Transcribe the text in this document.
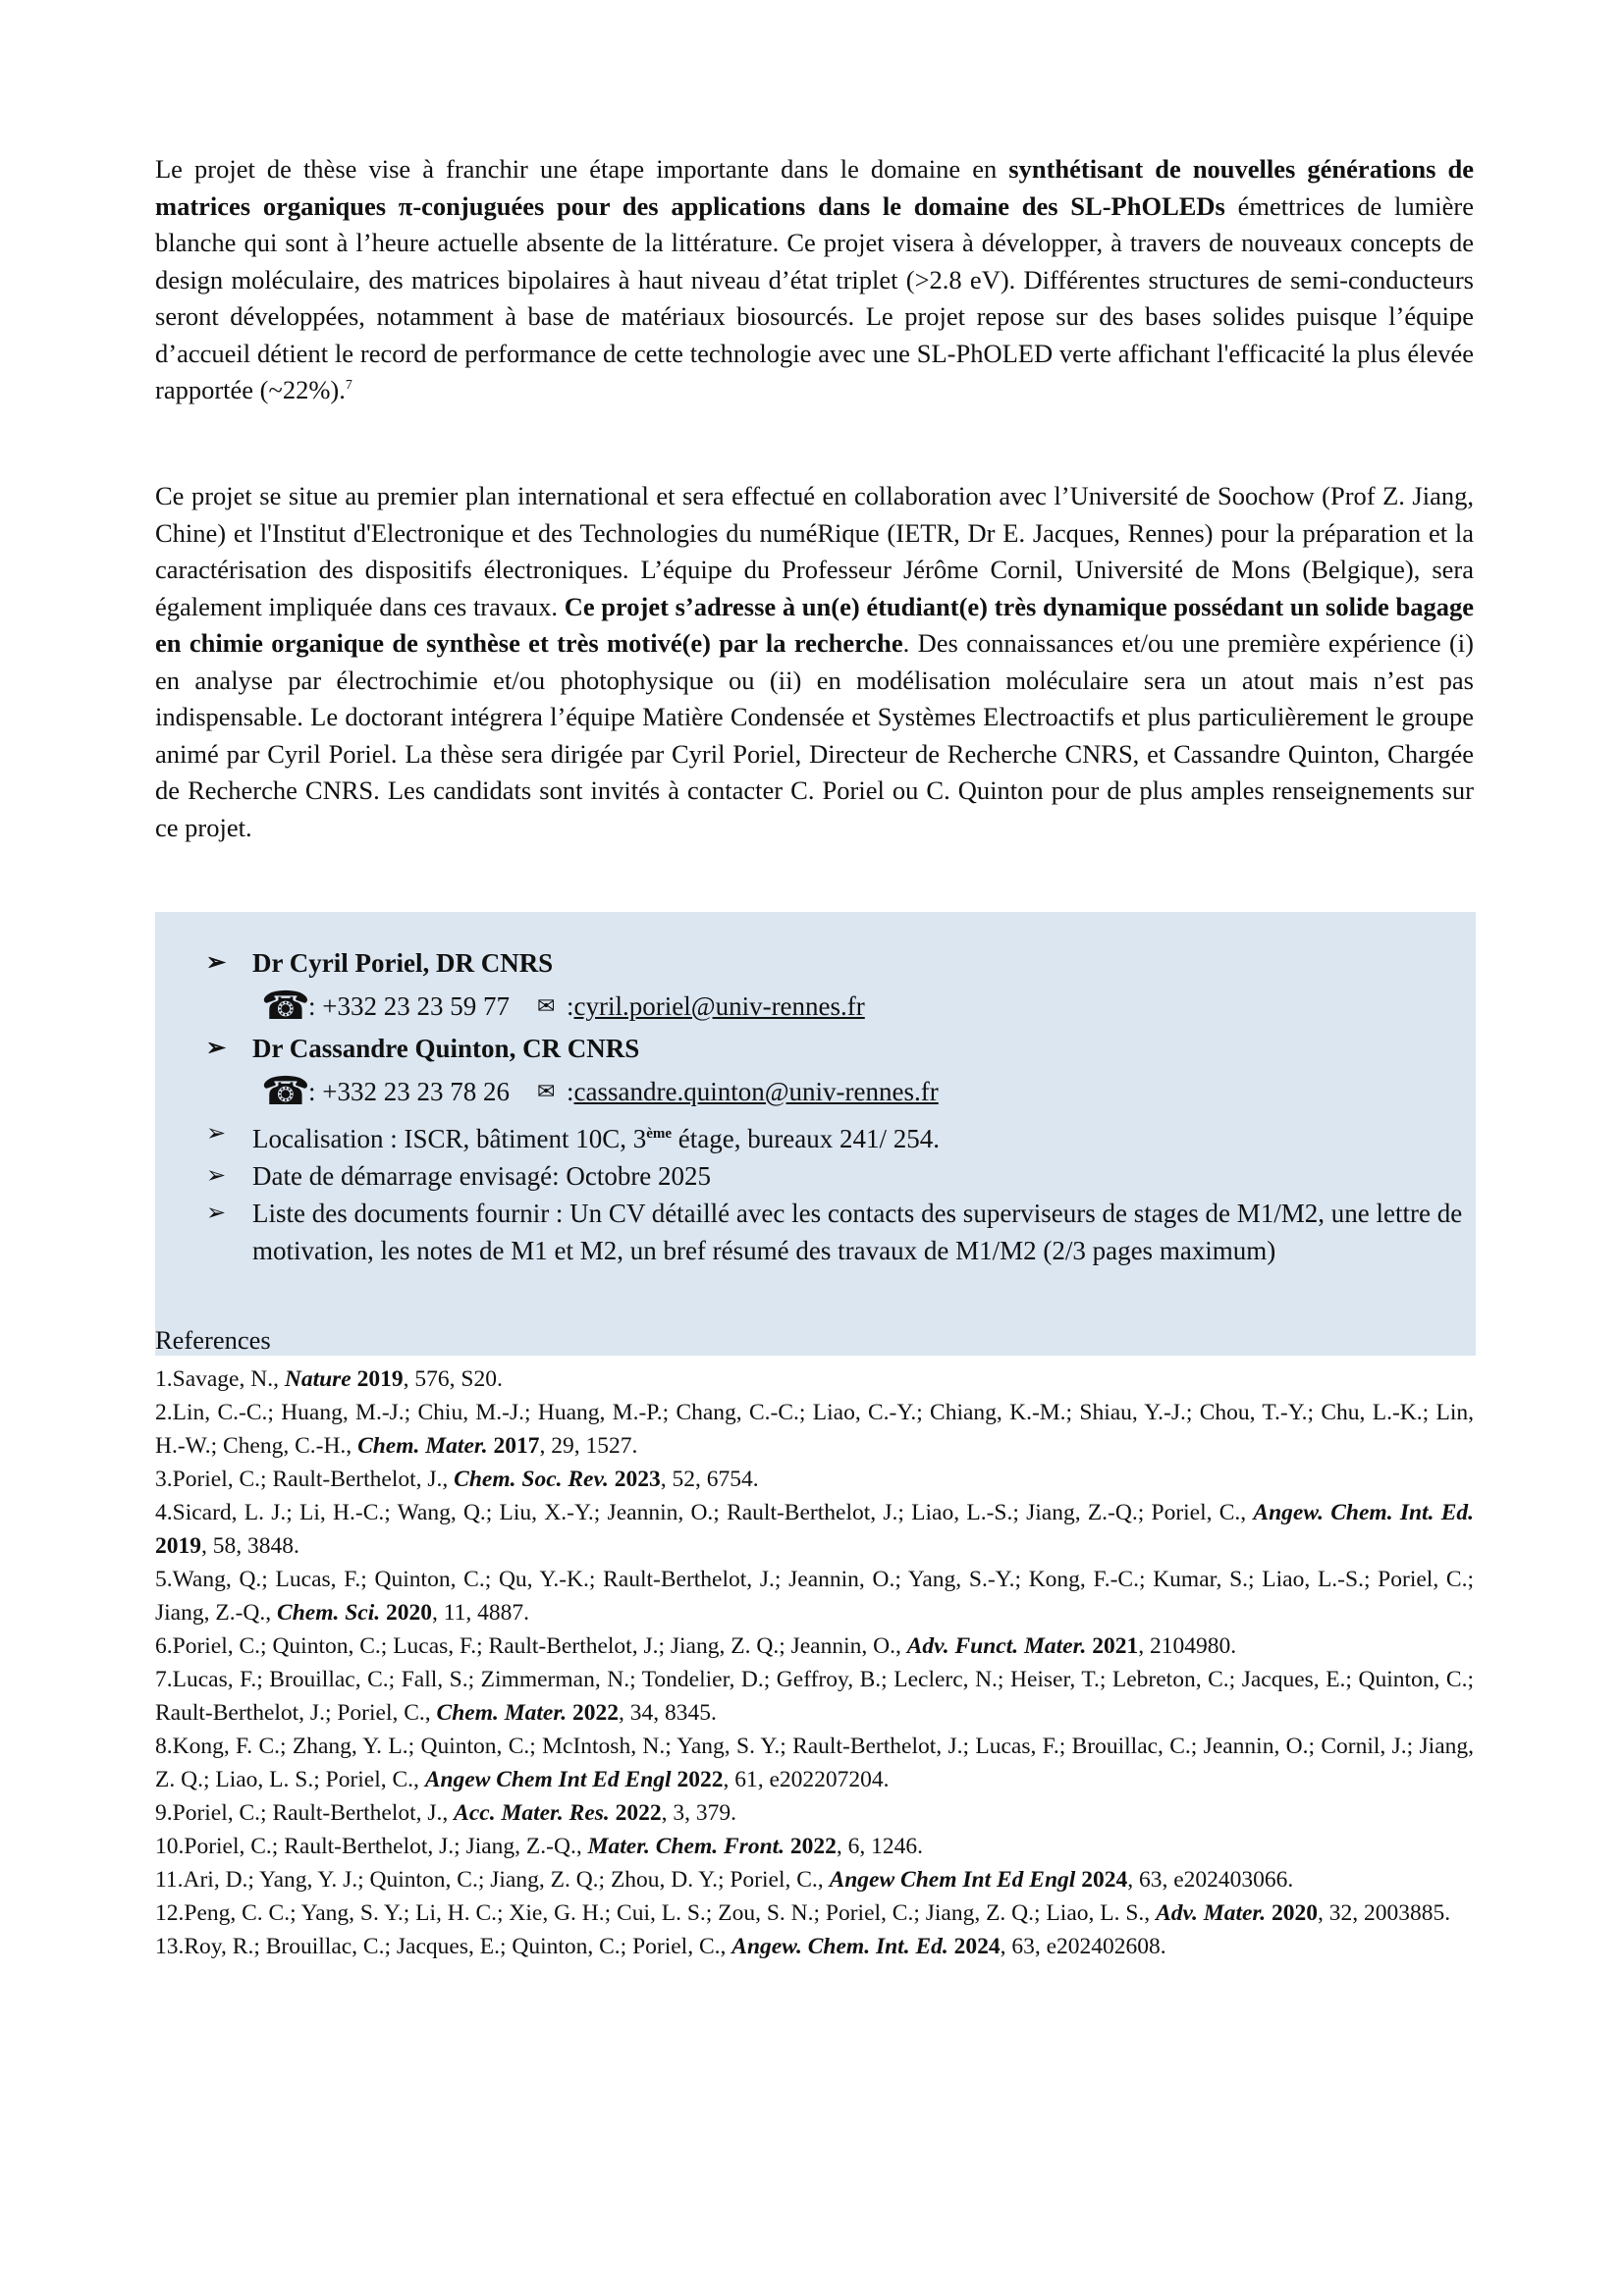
Le projet de thèse vise à franchir une étape importante dans le domaine en synthétisant de nouvelles générations de matrices organiques π-conjuguées pour des applications dans le domaine des SL-PhOLEDs émettrices de lumière blanche qui sont à l’heure actuelle absente de la littérature. Ce projet visera à développer, à travers de nouveaux concepts de design moléculaire, des matrices bipolaires à haut niveau d’état triplet (>2.8 eV). Différentes structures de semi-conducteurs seront développées, notamment à base de matériaux biosourcés. Le projet repose sur des bases solides puisque l’équipe d’accueil détient le record de performance de cette technologie avec une SL-PhOLED verte affichant l'efficacité la plus élevée rapportée (~22%).$^7$

Ce projet se situe au premier plan international et sera effectué en collaboration avec l’Université de Soochow (Prof Z. Jiang, Chine) et l'Institut d'Electronique et des Technologies du numéRique (IETR, Dr E. Jacques, Rennes) pour la préparation et la caractérisation des dispositifs électroniques. L’équipe du Professeur Jérôme Cornil, Université de Mons (Belgique), sera également impliquée dans ces travaux. Ce projet s’adresse à un(e) étudiant(e) très dynamique possédant un solide bagage en chimie organique de synthèse et très motivé(e) par la recherche. Des connaissances et/ou une première expérience (i) en analyse par électrochimie et/ou photophysique ou (ii) en modélisation moléculaire sera un atout mais n’est pas indispensable. Le doctorant intégrera l’équipe Matière Condensée et Systèmes Electroactifs et plus particulièrement le groupe animé par Cyril Poriel. La thèse sera dirigée par Cyril Poriel, Directeur de Recherche CNRS, et Cassandre Quinton, Chargée de Recherche CNRS. Les candidats sont invités à contacter C. Poriel ou C. Quinton pour de plus amples renseignements sur ce projet.

➢ Dr Cyril Poriel, DR CNRS
☎
: +332 23 23 59 77 ✉ : cyril.poriel@univ-rennes.fr
➢ Dr Cassandre Quinton, CR CNRS
☎
: +332 23 23 78 26 ✉ : cassandre.quinton@univ-rennes.fr
➢ Localisation : ISCR, bâtiment 10C, 3ème étage, bureaux 241/ 254.
➢ Date de démarrage envisagé: Octobre 2025
➢ Liste des documents fournir : Un CV détaillé avec les contacts des superviseurs de stages de M1/M2, une lettre de motivation, les notes de M1 et M2, un bref résumé des travaux de M1/M2 (2/3 pages maximum)
References

1.Savage, N., Nature 2019, 576, S20.

2.Lin, C.-C.; Huang, M.-J.; Chiu, M.-J.; Huang, M.-P.; Chang, C.-C.; Liao, C.-Y.; Chiang, K.-M.; Shiau, Y.-J.; Chou, T.-Y.; Chu, L.-K.; Lin, H.-W.; Cheng, C.-H., Chem. Mater. 2017, 29, 1527.

3.Poriel, C.; Rault-Berthelot, J., Chem. Soc. Rev. 2023, 52, 6754.

4.Sicard, L. J.; Li, H.-C.; Wang, Q.; Liu, X.-Y.; Jeannin, O.; Rault-Berthelot, J.; Liao, L.-S.; Jiang, Z.-Q.; Poriel, C., Angew. Chem. Int. Ed. 2019, 58, 3848.

5.Wang, Q.; Lucas, F.; Quinton, C.; Qu, Y.-K.; Rault-Berthelot, J.; Jeannin, O.; Yang, S.-Y.; Kong, F.-C.; Kumar, S.; Liao, L.-S.; Poriel, C.; Jiang, Z.-Q., Chem. Sci. 2020, 11, 4887.

6.Poriel, C.; Quinton, C.; Lucas, F.; Rault-Berthelot, J.; Jiang, Z. Q.; Jeannin, O., Adv. Funct. Mater. 2021, 2104980.

7.Lucas, F.; Brouillac, C.; Fall, S.; Zimmerman, N.; Tondelier, D.; Geffroy, B.; Leclerc, N.; Heiser, T.; Lebreton, C.; Jacques, E.; Quinton, C.; Rault-Berthelot, J.; Poriel, C., Chem. Mater. 2022, 34, 8345.

8.Kong, F. C.; Zhang, Y. L.; Quinton, C.; McIntosh, N.; Yang, S. Y.; Rault-Berthelot, J.; Lucas, F.; Brouillac, C.; Jeannin, O.; Cornil, J.; Jiang, Z. Q.; Liao, L. S.; Poriel, C., Angew Chem Int Ed Engl 2022, 61, e202207204.

9.Poriel, C.; Rault-Berthelot, J., Acc. Mater. Res. 2022, 3, 379.

10.Poriel, C.; Rault-Berthelot, J.; Jiang, Z.-Q., Mater. Chem. Front. 2022, 6, 1246.

11.Ari, D.; Yang, Y. J.; Quinton, C.; Jiang, Z. Q.; Zhou, D. Y.; Poriel, C., Angew Chem Int Ed Engl 2024, 63, e202403066.

12.Peng, C. C.; Yang, S. Y.; Li, H. C.; Xie, G. H.; Cui, L. S.; Zou, S. N.; Poriel, C.; Jiang, Z. Q.; Liao, L. S., Adv. Mater. 2020, 32, 2003885.

13.Roy, R.; Brouillac, C.; Jacques, E.; Quinton, C.; Poriel, C., Angew. Chem. Int. Ed. 2024, 63, e202402608.
